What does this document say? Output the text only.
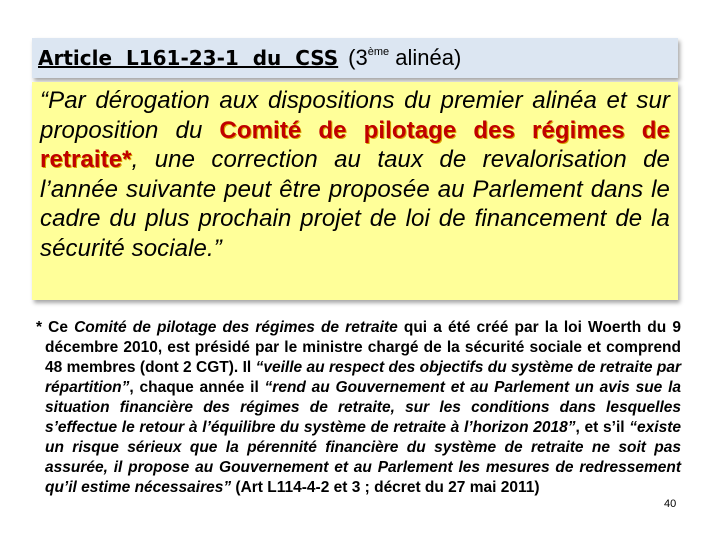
Article  L161-23-1  du  CSS (3ème alinéa)

“Par dérogation aux dispositions du premier alinéa et sur proposition du Comité de pilotage des régimes de retraite*, une correction au taux de revalorisation de l’année suivante peut être proposée au Parlement dans le cadre du plus prochain projet de loi de financement de la sécurité sociale.”

* Ce Comité de pilotage des régimes de retraite qui a été créé par la loi Woerth du 9 décembre 2010, est présidé par le ministre chargé de la sécurité sociale et comprend 48 membres (dont 2 CGT). Il “veille au respect des objectifs du système de retraite par répartition”, chaque année il “rend au Gouvernement et au Parlement un avis sue la situation financière des régimes de retraite, sur les conditions dans lesquelles s’effectue le retour à l’équilibre du système de retraite à l’horizon 2018”, et s’il “existe un risque sérieux que la pérennité financière du système de retraite ne soit pas assurée, il propose au Gouvernement et au Parlement les mesures de redressement qu’il estime nécessaires” (Art L114-4-2 et 3 ; décret du 27 mai 2011)

40
